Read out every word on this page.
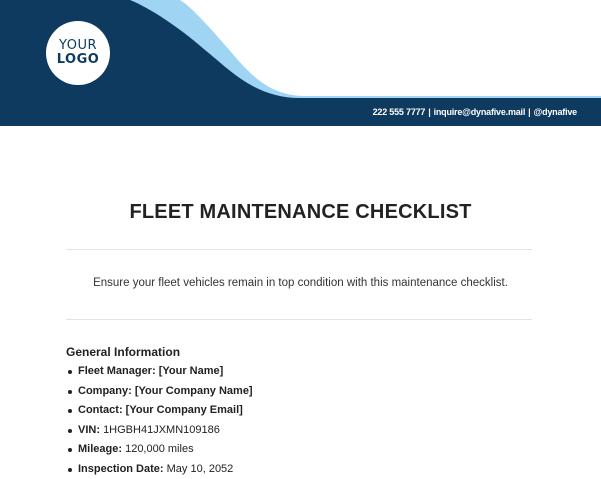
YOUR
LOGO
222 555 7777 | inquire@dynafive.mail | @dynafive
FLEET MAINTENANCE CHECKLIST
Ensure your fleet vehicles remain in top condition with this maintenance checklist.
General Information
Fleet Manager: [Your Name]
Company: [Your Company Name]
Contact: [Your Company Email]
VIN: 1HGBH41JXMN109186
Mileage: 120,000 miles
Inspection Date: May 10, 2052
